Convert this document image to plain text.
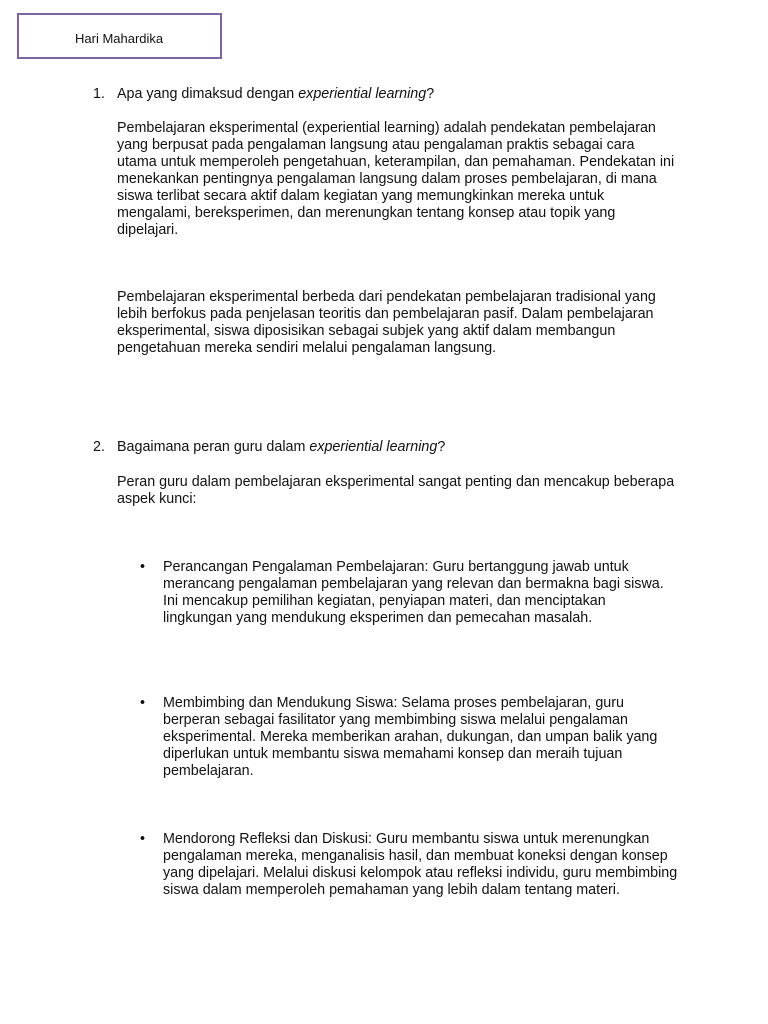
Hari Mahardika
1. Apa yang dimaksud dengan experiential learning?

Pembelajaran eksperimental (experiential learning) adalah pendekatan pembelajaran yang berpusat pada pengalaman langsung atau pengalaman praktis sebagai cara utama untuk memperoleh pengetahuan, keterampilan, dan pemahaman. Pendekatan ini menekankan pentingnya pengalaman langsung dalam proses pembelajaran, di mana siswa terlibat secara aktif dalam kegiatan yang memungkinkan mereka untuk mengalami, bereksperimen, dan merenungkan tentang konsep atau topik yang dipelajari.

Pembelajaran eksperimental berbeda dari pendekatan pembelajaran tradisional yang lebih berfokus pada penjelasan teoritis dan pembelajaran pasif. Dalam pembelajaran eksperimental, siswa diposisikan sebagai subjek yang aktif dalam membangun pengetahuan mereka sendiri melalui pengalaman langsung.

2. Bagaimana peran guru dalam experiential learning?

Peran guru dalam pembelajaran eksperimental sangat penting dan mencakup beberapa aspek kunci:

• Perancangan Pengalaman Pembelajaran: Guru bertanggung jawab untuk merancang pengalaman pembelajaran yang relevan dan bermakna bagi siswa. Ini mencakup pemilihan kegiatan, penyiapan materi, dan menciptakan lingkungan yang mendukung eksperimen dan pemecahan masalah.
• Membimbing dan Mendukung Siswa: Selama proses pembelajaran, guru berperan sebagai fasilitator yang membimbing siswa melalui pengalaman eksperimental. Mereka memberikan arahan, dukungan, dan umpan balik yang diperlukan untuk membantu siswa memahami konsep dan meraih tujuan pembelajaran.
• Mendorong Refleksi dan Diskusi: Guru membantu siswa untuk merenungkan pengalaman mereka, menganalisis hasil, dan membuat koneksi dengan konsep yang dipelajari. Melalui diskusi kelompok atau refleksi individu, guru membimbing siswa dalam memperoleh pemahaman yang lebih dalam tentang materi.
